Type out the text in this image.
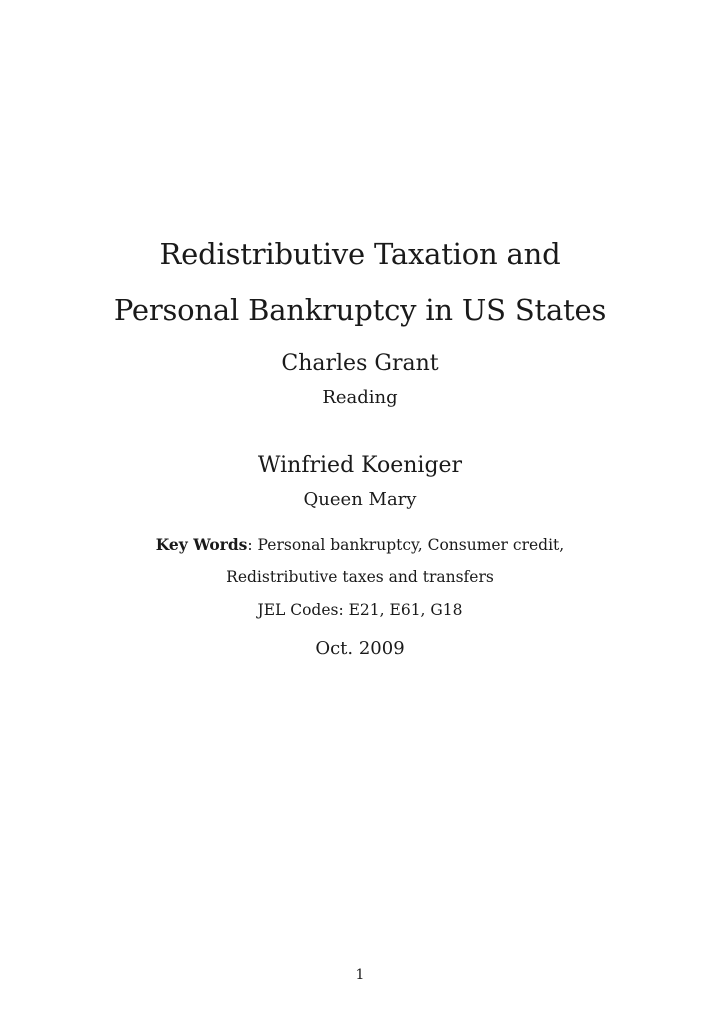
Redistributive Taxation and
Personal Bankruptcy in US States
Charles Grant
Reading
Winfried Koeniger
Queen Mary
Key Words: Personal bankruptcy, Consumer credit,
Redistributive taxes and transfers
JEL Codes: E21, E61, G18
Oct. 2009
1
